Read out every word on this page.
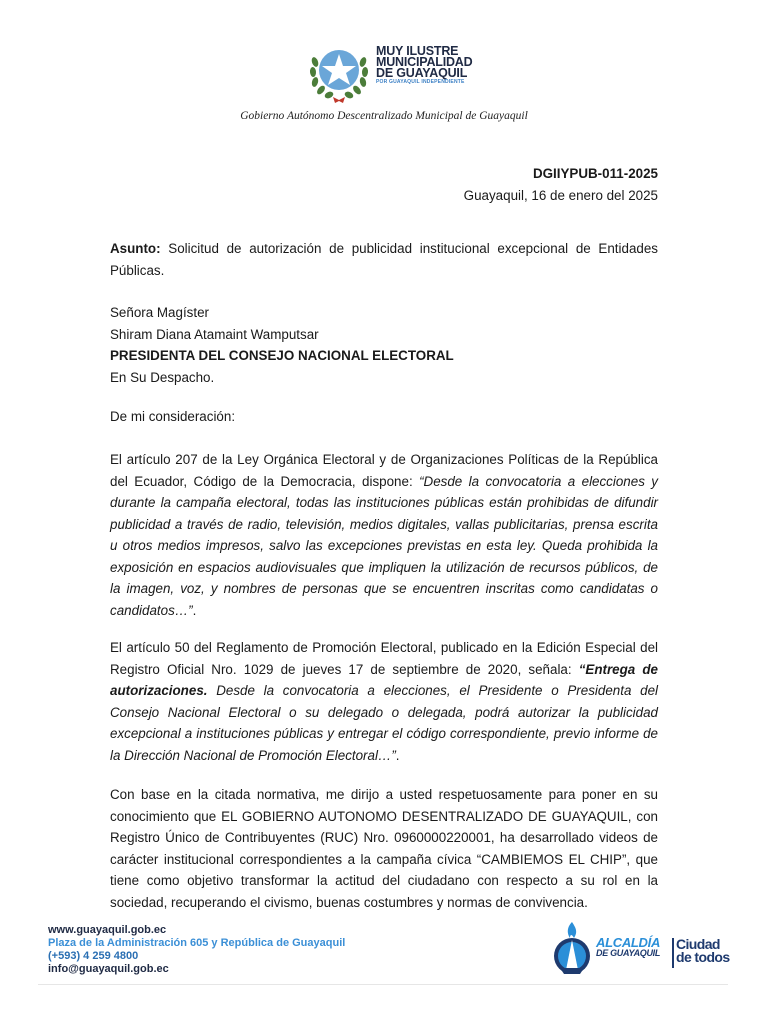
MUY ILUSTRE
MUNICIPALIDAD
DE GUAYAQUIL
POR GUAYAQUIL INDEPENDIENTE
Gobierno Autónomo Descentralizado Municipal de Guayaquil

DGIIYPUB-011-2025

Guayaquil, 16 de enero del 2025

Asunto: Solicitud de autorización de publicidad institucional excepcional de Entidades Públicas.

Señora Magíster

Shiram Diana Atamaint Wamputsar

PRESIDENTA DEL CONSEJO NACIONAL ELECTORAL

En Su Despacho.

De mi consideración:

El artículo 207 de la Ley Orgánica Electoral y de Organizaciones Políticas de la República del Ecuador, Código de la Democracia, dispone: “Desde la convocatoria a elecciones y durante la campaña electoral, todas las instituciones públicas están prohibidas de difundir publicidad a través de radio, televisión, medios digitales, vallas publicitarias, prensa escrita u otros medios impresos, salvo las excepciones previstas en esta ley. Queda prohibida la exposición en espacios audiovisuales que impliquen la utilización de recursos públicos, de la imagen, voz, y nombres de personas que se encuentren inscritas como candidatas o candidatos…”.

El artículo 50 del Reglamento de Promoción Electoral, publicado en la Edición Especial del Registro Oficial Nro. 1029 de jueves 17 de septiembre de 2020, señala: “Entrega de autorizaciones. Desde la convocatoria a elecciones, el Presidente o Presidenta del Consejo Nacional Electoral o su delegado o delegada, podrá autorizar la publicidad excepcional a instituciones públicas y entregar el código correspondiente, previo informe de la Dirección Nacional de Promoción Electoral…”.

Con base en la citada normativa, me dirijo a usted respetuosamente para poner en su conocimiento que EL GOBIERNO AUTONOMO DESENTRALIZADO DE GUAYAQUIL, con Registro Único de Contribuyentes (RUC) Nro. 0960000220001, ha desarrollado videos de carácter institucional correspondientes a la campaña cívica “CAMBIEMOS EL CHIP”, que tiene como objetivo transformar la actitud del ciudadano con respecto a su rol en la sociedad, recuperando el civismo, buenas costumbres y normas de convivencia.

www.guayaquil.gob.ec
Plaza de la Administración 605 y República de Guayaquil
(+593) 4 259 4800
info@guayaquil.gob.ec
ALCALDÍA
DE GUAYAQUIL
Ciudad
de todos
